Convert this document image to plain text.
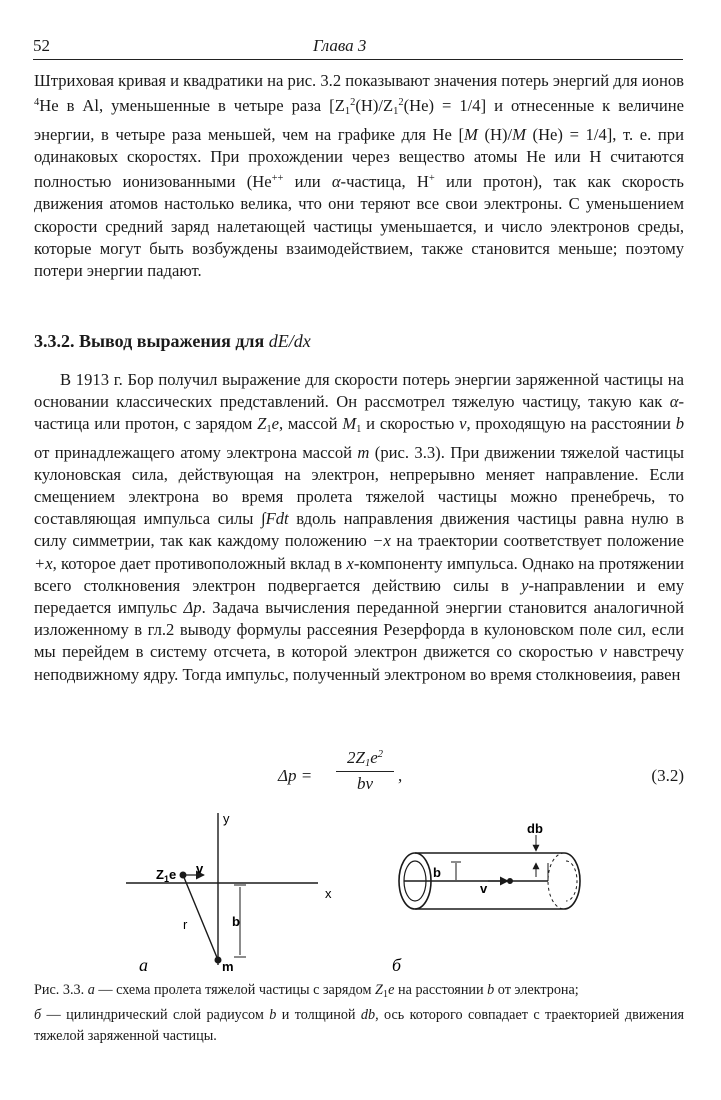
52	Глава 3

Штриховая кривая и квадратики на рис. 3.2 показывают значения потерь энергий для ионов $^4$He в Al, уменьшенные в четыре раза $[Z_1^2(H)/Z_1^2(He) = 1/4]$ и отнесенные к величине энергии, в четыре раза меньшей, чем на графике для He [M (H)/M (He) = 1/4], т. е. при одинаковых скоростях. При прохождении через вещество атомы He или H считаются полностью ионизованными (He++ или α-частица, H+ или протон), так как скорость движения атомов настолько велика, что они теряют все свои электроны. С уменьшением скорости средний заряд налетающей частицы уменьшается, и число электронов среды, которые могут быть возбуждены взаимодействием, также становится меньше; поэтому потери энергии падают.

3.3.2. Вывод выражения для dE/dx

В 1913 г. Бор получил выражение для скорости потерь энергии заряженной частицы на основании классических представлений. Он рассмотрел тяжелую частицу, такую как α-частица или протон, с зарядом $Z_1e$, массой $M_1$ и скоростью v, проходящую на расстоянии b от принадлежащего атому электрона массой m (рис. 3.3). При движении тяжелой частицы кулоновская сила, действующая на электрон, непрерывно меняет направление. Если смещением электрона во время пролета тяжелой частицы можно пренебречь, то составляющая импульса силы ∫Fdt вдоль направления движения частицы равна нулю в силу симметрии, так как каждому положению −x на траектории соответствует положение +x, которое дает противоположный вклад в x-компоненту импульса. Однако на протяжении всего столкновения электрон подвергается действию силы в y-направлении и ему передается импульс Δp. Задача вычисления переданной энергии становится аналогичной изложенному в гл.2 выводу формулы рассеяния Резерфорда в кулоновском поле сил, если мы перейдем в систему отсчета, в которой электрон движется со скоростью v навстречу неподвижному ядру. Тогда импульс, полученный электроном во время столкновеиия, равен

$\Delta p = \frac{2Z_1e^2}{bv}$ ,	(3.2)
y
x
$Z_1e$ v
r	b
m
a
db
b
v
б

Рис. 3.3. а — схема пролета тяжелой частицы с зарядом $Z_1e$ на расстоянии b от электрона;
б — цилиндрический слой радиусом b и толщиной db, ось которого совпадает с траекторией движения тяжелой заряженной частицы.
